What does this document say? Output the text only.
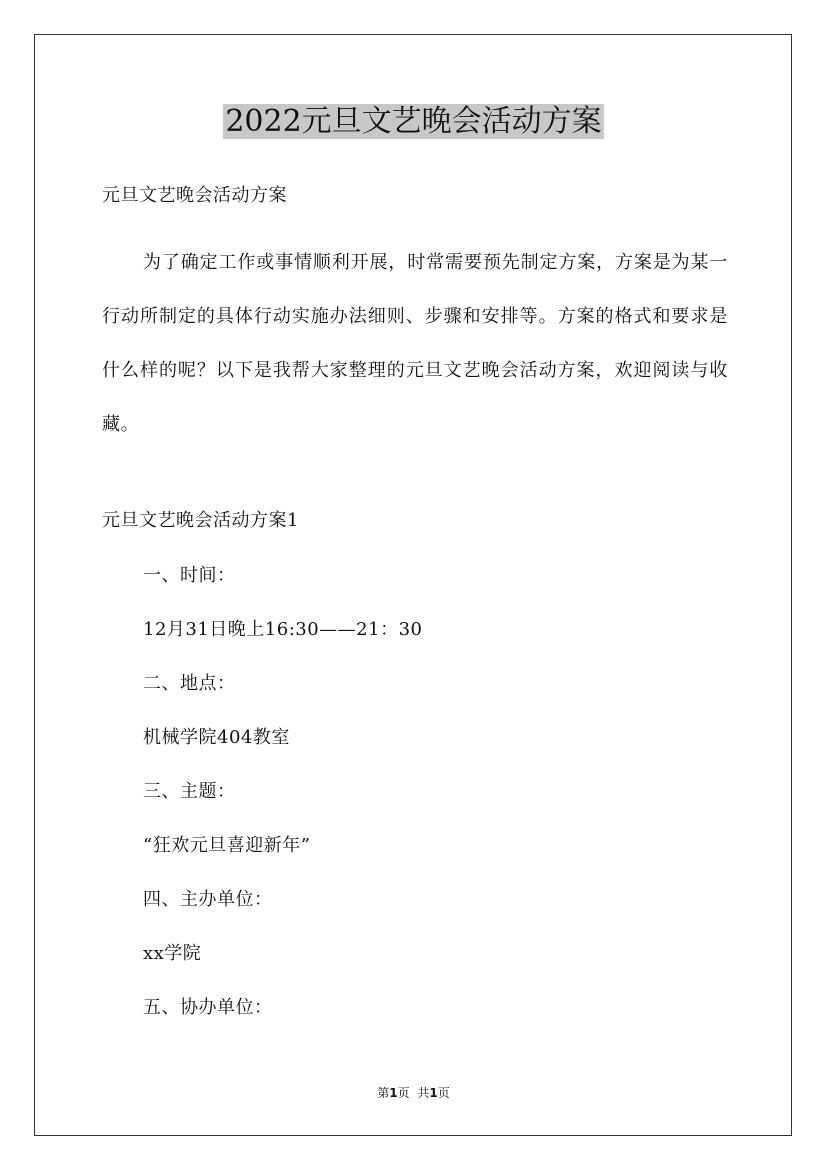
2022元旦文艺晚会活动方案
元旦文艺晚会活动方案
为了确定工作或事情顺利开展，时常需要预先制定方案，方案是为某一行动所制定的具体行动实施办法细则、步骤和安排等。方案的格式和要求是什么样的呢？以下是我帮大家整理的元旦文艺晚会活动方案，欢迎阅读与收藏。
元旦文艺晚会活动方案1
一、时间：
12月31日晚上16:30——21：30
二、地点：
机械学院404教室
三、主题：
“狂欢元旦喜迎新年”
四、主办单位：
xx学院
五、协办单位：
第1页 共1页
